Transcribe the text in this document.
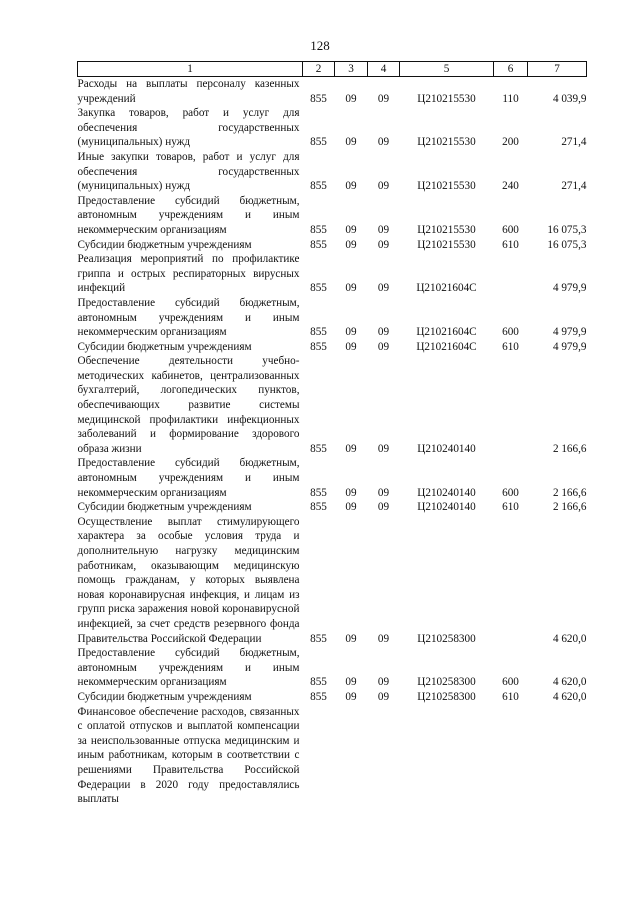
128
1	2	3	4	5	6	7
Расходы на выплаты персоналу казенных учреждений	855	09	09	Ц210215530	110	4 039,9
Закупка товаров, работ и услуг для обеспечения государственных (муниципальных) нужд	855	09	09	Ц210215530	200	271,4
Иные закупки товаров, работ и услуг для обеспечения государственных (муниципальных) нужд	855	09	09	Ц210215530	240	271,4
Предоставление субсидий бюджетным, автономным учреждениям и иным некоммерческим организациям	855	09	09	Ц210215530	600	16 075,3
Субсидии бюджетным учреждениям	855	09	09	Ц210215530	610	16 075,3
Реализация мероприятий по профилактике гриппа и острых респираторных вирусных инфекций	855	09	09	Ц21021604С		4 979,9
Предоставление субсидий бюджетным, автономным учреждениям и иным некоммерческим организациям	855	09	09	Ц21021604С	600	4 979,9
Субсидии бюджетным учреждениям	855	09	09	Ц21021604С	610	4 979,9
Обеспечение деятельности учебно-методических кабинетов, централизованных бухгалтерий, логопедических пунктов, обеспечивающих развитие системы медицинской профилактики инфекционных заболеваний и формирование здорового образа жизни	855	09	09	Ц210240140		2 166,6
Предоставление субсидий бюджетным, автономным учреждениям и иным некоммерческим организациям	855	09	09	Ц210240140	600	2 166,6
Субсидии бюджетным учреждениям	855	09	09	Ц210240140	610	2 166,6
Осуществление выплат стимулирующего характера за особые условия труда и дополнительную нагрузку медицинским работникам, оказывающим медицинскую помощь гражданам, у которых выявлена новая коронавирусная инфекция, и лицам из групп риска заражения новой коронавирусной инфекцией, за счет средств резервного фонда Правительства Российской Федерации	855	09	09	Ц210258300		4 620,0
Предоставление субсидий бюджетным, автономным учреждениям и иным некоммерческим организациям	855	09	09	Ц210258300	600	4 620,0
Субсидии бюджетным учреждениям	855	09	09	Ц210258300	610	4 620,0
Финансовое обеспечение расходов, связанных с оплатой отпусков и выплатой компенсации за неиспользованные отпуска медицинским и иным работникам, которым в соответствии с решениями Правительства Российской Федерации в 2020 году предоставлялись выплаты						
